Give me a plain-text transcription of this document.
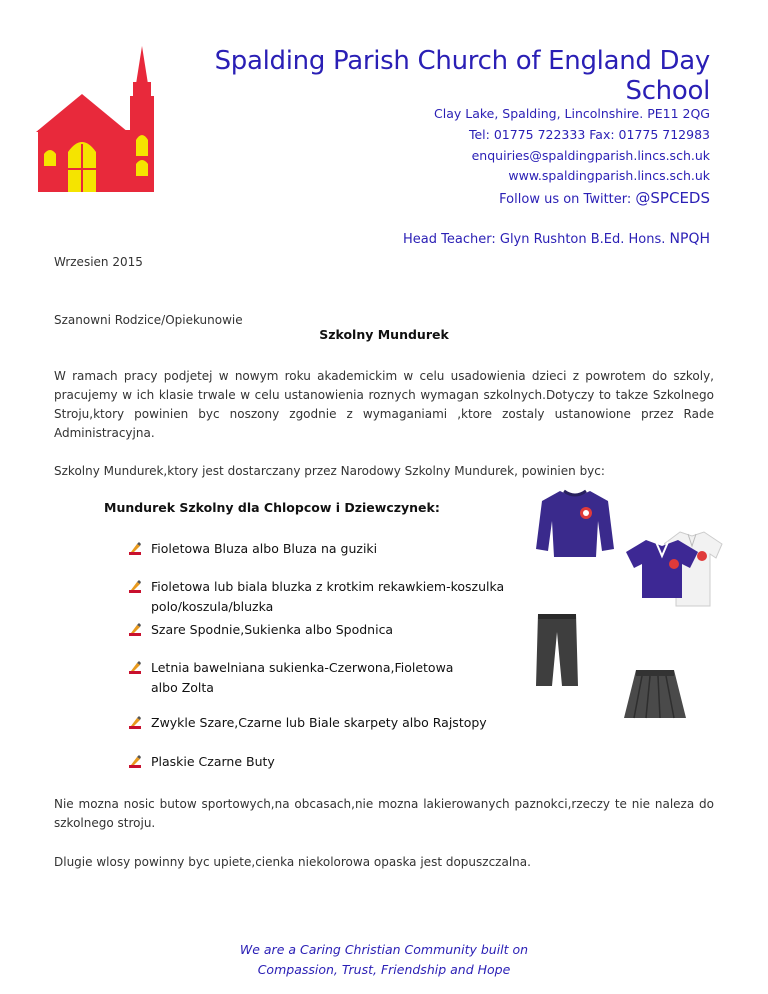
Spalding Parish Church of England Day School
Clay Lake, Spalding, Lincolnshire. PE11 2QG
Tel: 01775 722333 Fax: 01775 712983
enquiries@spaldingparish.lincs.sch.uk
www.spaldingparish.lincs.sch.uk
Follow us on Twitter: @SPCEDS
Head Teacher: Glyn Rushton B.Ed. Hons. NPQH
Wrzesien 2015
Szanowni Rodzice/Opiekunowie
Szkolny Mundurek
W ramach pracy podjetej w nowym roku akademickim w celu usadowienia dzieci z powrotem do szkoly, pracujemy w ich klasie trwale w celu ustanowienia roznych wymagan szkolnych.Dotyczy to takze Szkolnego Stroju,ktory powinien byc noszony zgodnie z wymaganiami ,ktore zostaly ustanowione przez Rade Administracyjna.
Szkolny Mundurek,ktory jest dostarczany przez Narodowy Szkolny Mundurek, powinien byc:
Mundurek Szkolny dla Chlopcow i Dziewczynek:
Fioletowa Bluza albo Bluza na guziki
Fioletowa lub biala bluzka z krotkim rekawkiem-koszulka polo/koszula/bluzka
Szare Spodnie,Sukienka albo Spodnica
Letnia bawelniana sukienka-Czerwona,Fioletowa albo Zolta
Zwykle Szare,Czarne lub Biale skarpety albo Rajstopy
Plaskie Czarne Buty
Nie mozna nosic butow sportowych,na obcasach,nie mozna lakierowanych paznokci,rzeczy te nie naleza do szkolnego stroju.
Dlugie wlosy powinny byc upiete,cienka niekolorowa opaska jest dopuszczalna.
We are a Caring Christian Community built on
Compassion, Trust, Friendship and Hope
